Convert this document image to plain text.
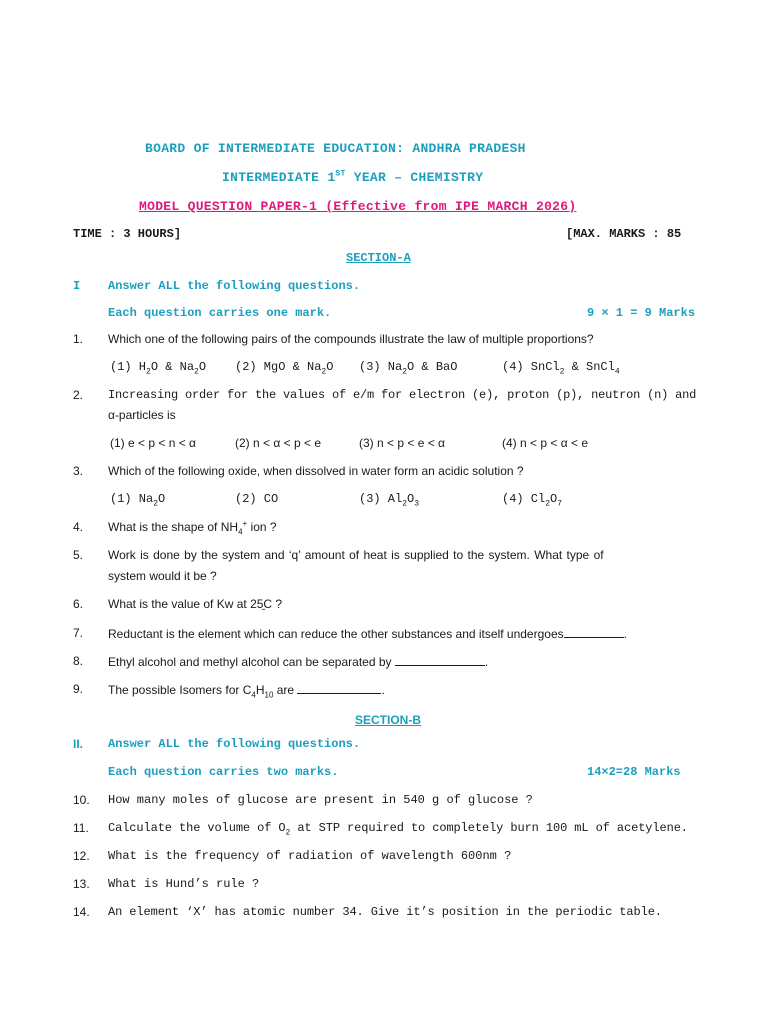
BOARD OF INTERMEDIATE EDUCATION: ANDHRA PRADESH
INTERMEDIATE 1ST YEAR – CHEMISTRY
MODEL QUESTION PAPER-1 (Effective from IPE MARCH 2026)
TIME : 3 HOURS]	[MAX. MARKS : 85
SECTION-A
I Answer ALL the following questions.
Each question carries one mark.	9 × 1 = 9 Marks
1. Which one of the following pairs of the compounds illustrate the law of multiple proportions?
(1) $H_2O$ & $Na_2O$ (2) MgO & $Na_2O$ (3) $Na_2O$ & BaO	(4) SnCl$_2$ & SnCl$_4$
2. Increasing order for the values of e/m for electron (e), proton (p), neutron (n) and
α-particles is
(1) e < p < n < α	(2) n < α < p < e	(3) n < p < e < α	(4) n < p < α < e
3. Which of the following oxide, when dissolved in water form an acidic solution ?
(1) $Na_2O$	(2) CO	(3) $Al_2O_3$	(4) $Cl_2O_7$
4. What is the shape of $NH_4^+$ ion ?
5. Work is done by the system and ‘q’ amount of heat is supplied to the system. What type of
system would it be ?
6. What is the value of Kw at 25̱C ?
7. Reductant is the element which can reduce the other substances and itself undergoes	.
8. Ethyl alcohol and methyl alcohol can be separated by	.
9. The possible Isomers for $C_4H_{10}$ are	.
SECTION-B
II. Answer ALL the following questions.
Each question carries two marks.	14×2=28 Marks
10. How many moles of glucose are present in 540 g of glucose ?
11. Calculate the volume of $O_2$ at STP required to completely burn 100 mL of acetylene.
12. What is the frequency of radiation of wavelength 600nm ?
13. What is Hund’s rule ?
14. An element ‘X’ has atomic number 34. Give it’s position in the periodic table.
